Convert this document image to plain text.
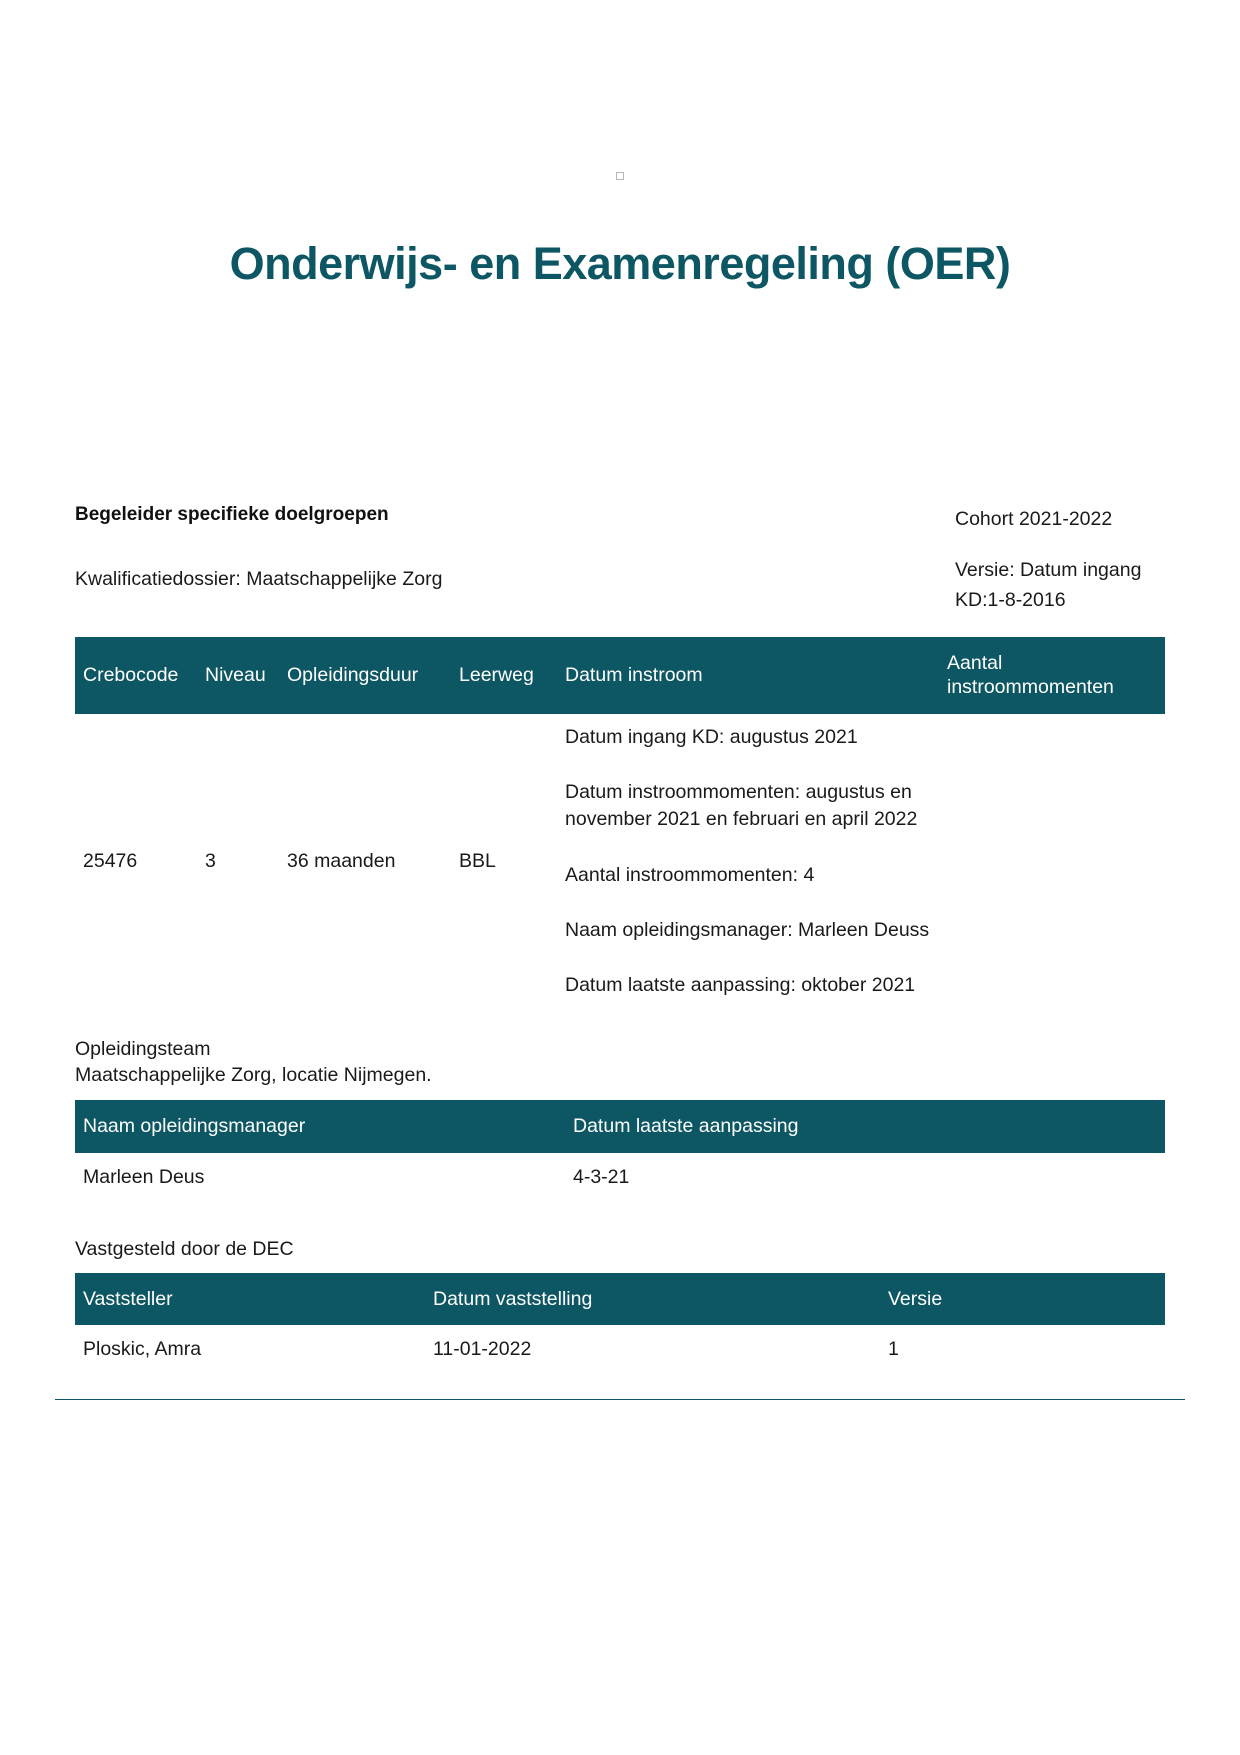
Onderwijs- en Examenregeling (OER)

Begeleider specifieke doelgroepen

Kwalificatiedossier: Maatschappelijke Zorg

Cohort 2021-2022

Versie: Datum ingang KD:1-8-2016

Crebocode	Niveau	Opleidingsduur	Leerweg	Datum instroom	Aantal instroommomenten
25476	3	36 maanden	BBL	Datum ingang KD: augustus 2021

Datum instroommomenten: augustus en november 2021 en februari en april 2022

Aantal instroommomenten: 4

Naam opleidingsmanager: Marleen Deuss

Datum laatste aanpassing: oktober 2021	

Opleidingsteam

Maatschappelijke Zorg, locatie Nijmegen.

Naam opleidingsmanager	Datum laatste aanpassing
Marleen Deus	4-3-21
Vastgesteld door de DEC
Vaststeller	Datum vaststelling	Versie
Ploskic, Amra	11-01-2022	1
